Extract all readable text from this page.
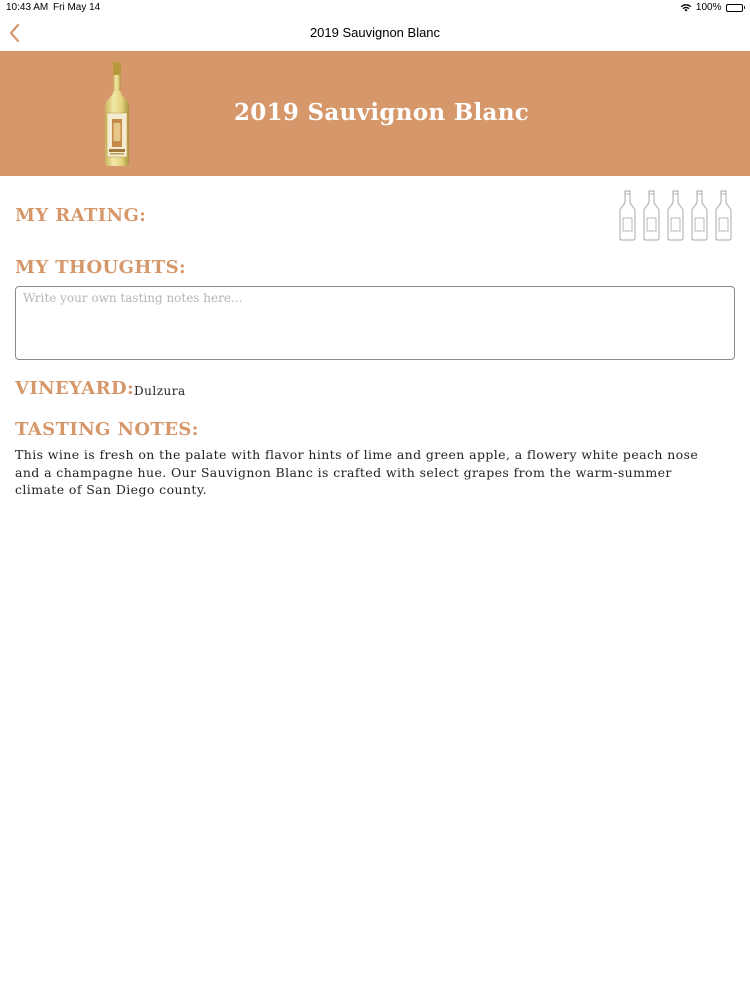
10:43 AM Fri May 14	100%
2019 Sauvignon Blanc
2019 Sauvignon Blanc
MY RATING:
MY THOUGHTS:
Write your own tasting notes here...
VINEYARD: Dulzura
TASTING NOTES:

This wine is fresh on the palate with flavor hints of lime and green apple, a flowery white peach nose and a champagne hue. Our Sauvignon Blanc is crafted with select grapes from the warm-summer climate of San Diego county.
